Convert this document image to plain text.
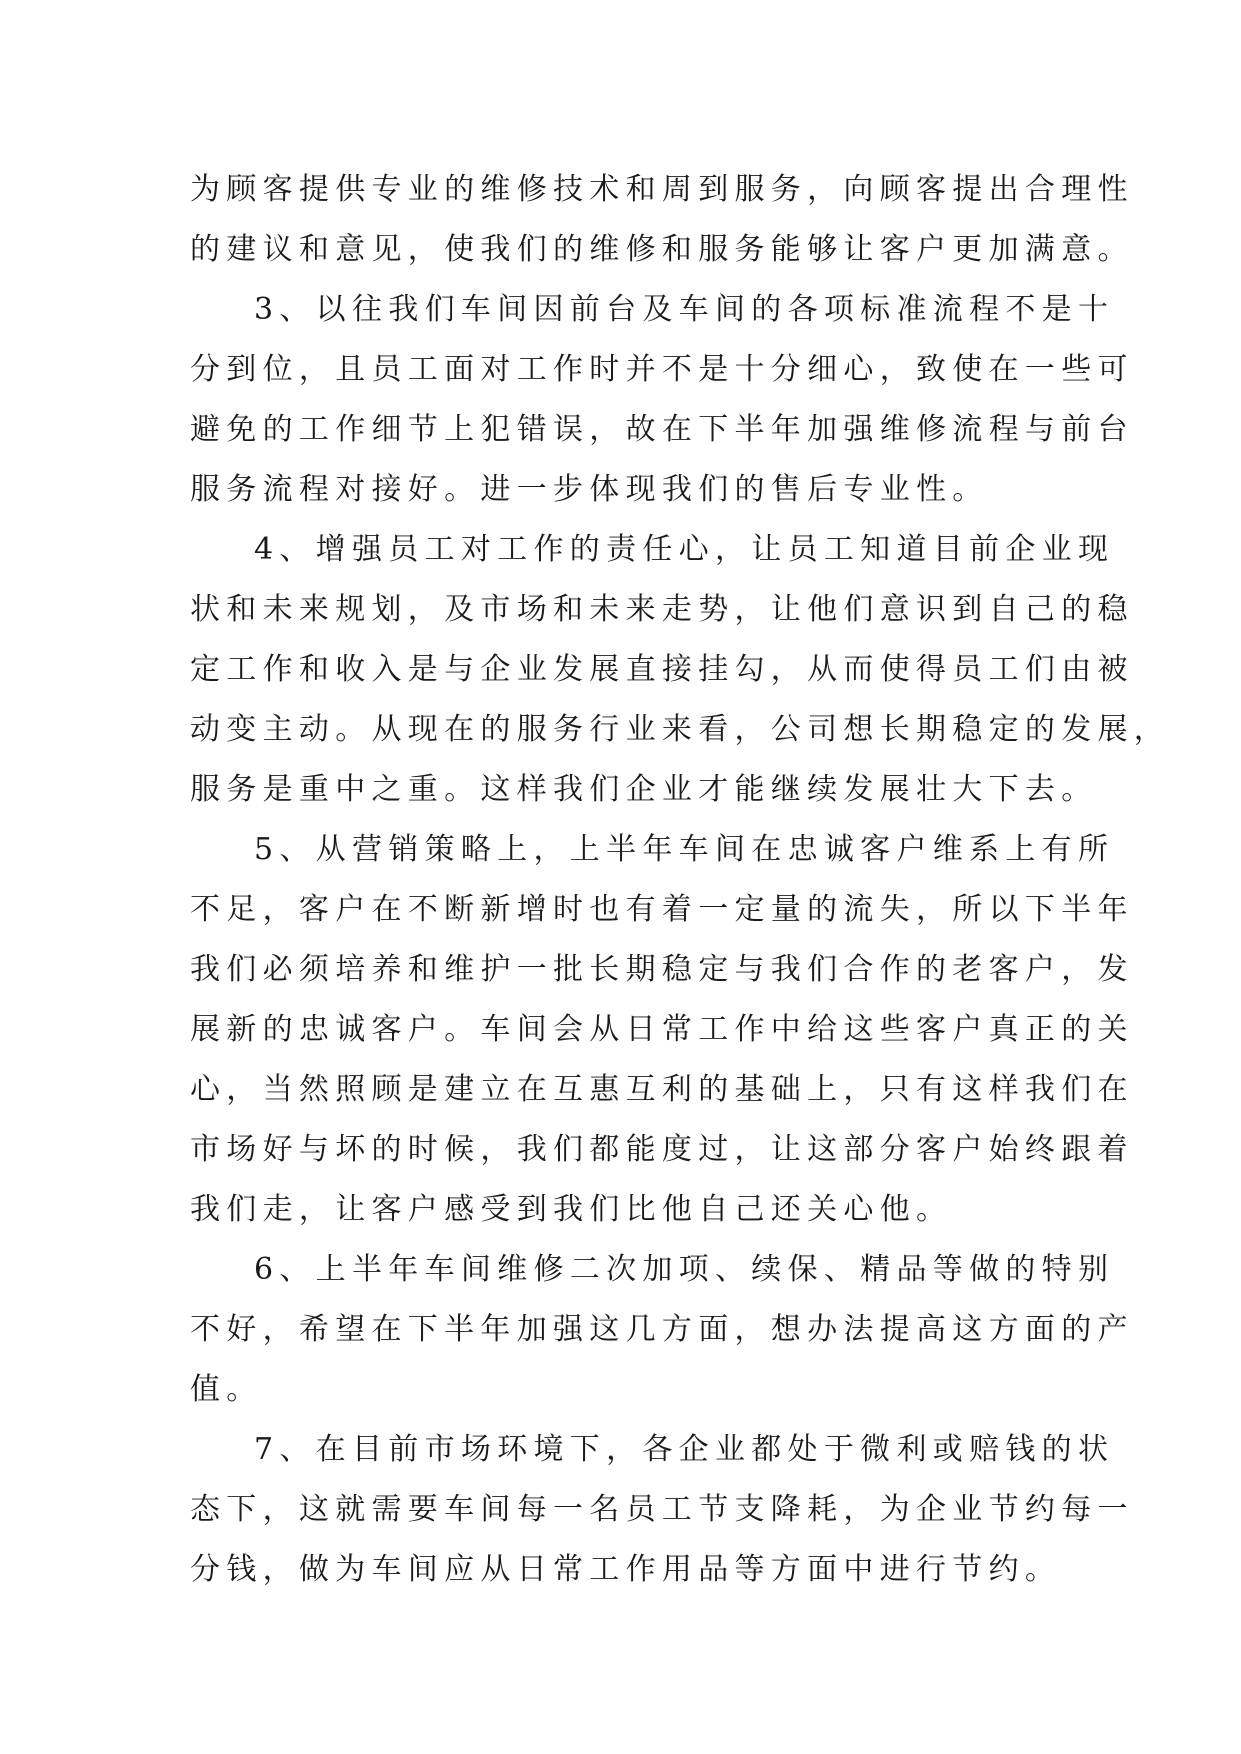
为顾客提供专业的维修技术和周到服务，向顾客提出合理性
的建议和意见，使我们的维修和服务能够让客户更加满意。
3、以往我们车间因前台及车间的各项标准流程不是十
分到位，且员工面对工作时并不是十分细心，致使在一些可
避免的工作细节上犯错误，故在下半年加强维修流程与前台
服务流程对接好。进一步体现我们的售后专业性。
4、增强员工对工作的责任心，让员工知道目前企业现
状和未来规划，及市场和未来走势，让他们意识到自己的稳
定工作和收入是与企业发展直接挂勾，从而使得员工们由被
动变主动。从现在的服务行业来看，公司想长期稳定的发展，
服务是重中之重。这样我们企业才能继续发展壮大下去。
5、从营销策略上，上半年车间在忠诚客户维系上有所
不足，客户在不断新增时也有着一定量的流失，所以下半年
我们必须培养和维护一批长期稳定与我们合作的老客户，发
展新的忠诚客户。车间会从日常工作中给这些客户真正的关
心，当然照顾是建立在互惠互利的基础上，只有这样我们在
市场好与坏的时候，我们都能度过，让这部分客户始终跟着
我们走，让客户感受到我们比他自己还关心他。
6、上半年车间维修二次加项、续保、精品等做的特别
不好，希望在下半年加强这几方面，想办法提高这方面的产
值。
7、在目前市场环境下，各企业都处于微利或赔钱的状
态下，这就需要车间每一名员工节支降耗，为企业节约每一
分钱，做为车间应从日常工作用品等方面中进行节约。
